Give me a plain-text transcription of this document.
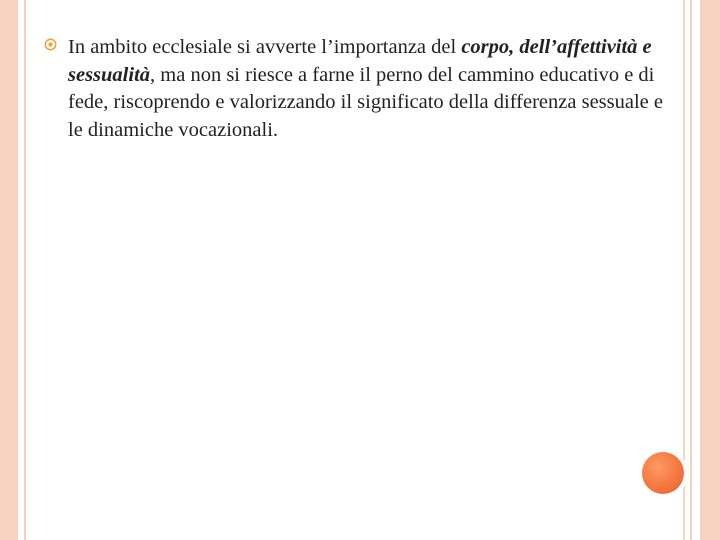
In ambito ecclesiale si avverte l’importanza del corpo, dell’affettività e sessualità, ma non si riesce a farne il perno del cammino educativo e di fede, riscoprendo e valorizzando il significato della differenza sessuale e le dinamiche vocazionali.
